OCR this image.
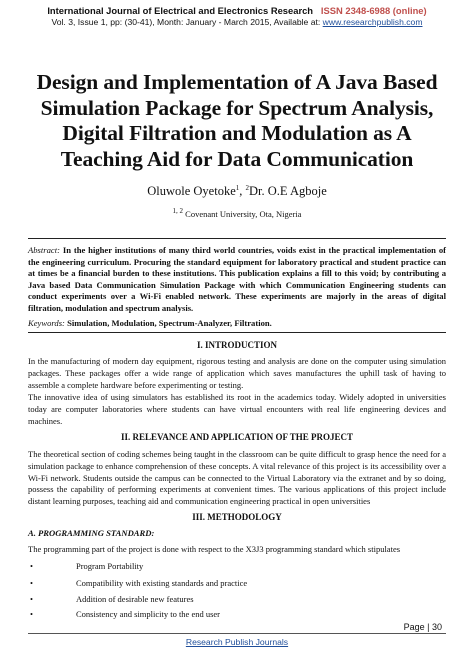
International Journal of Electrical and Electronics Research ISSN 2348-6988 (online)
Vol. 3, Issue 1, pp: (30-41), Month: January - March 2015, Available at: www.researchpublish.com
Design and Implementation of A Java Based Simulation Package for Spectrum Analysis, Digital Filtration and Modulation as A Teaching Aid for Data Communication
Oluwole Oyetoke$^1$, $^2$Dr. O.E Agboje
$^{1, 2}$ Covenant University, Ota, Nigeria
Abstract: In the higher institutions of many third world countries, voids exist in the practical implementation of the engineering curriculum. Procuring the standard equipment for laboratory practical and student practice can at times be a financial burden to these institutions. This publication explains a fill to this void; by contributing a Java based Data Communication Simulation Package with which Communication Engineering students can conduct experiments over a Wi-Fi enabled network. These experiments are majorly in the areas of digital filtration, modulation and spectrum analysis.
Keywords: Simulation, Modulation, Spectrum-Analyzer, Filtration.
I. INTRODUCTION
In the manufacturing of modern day equipment, rigorous testing and analysis are done on the computer using simulation packages. These packages offer a wide range of application which saves manufactures the uphill task of having to assemble a complete hardware before experimenting or testing.
The innovative idea of using simulators has established its root in the academics today. Widely adopted in universities today are computer laboratories where students can have virtual encounters with real life engineering devices and machines.
II. RELEVANCE AND APPLICATION OF THE PROJECT
The theoretical section of coding schemes being taught in the classroom can be quite difficult to grasp hence the need for a simulation package to enhance comprehension of these concepts. A vital relevance of this project is its accessibility over a Wi-Fi network. Students outside the campus can be connected to the Virtual Laboratory via the extranet and by so doing, possess the capability of performing experiments at convenient times. The various applications of this project include distant learning purposes, teaching aid and communication engineering practical in open universities
III. METHODOLOGY
A. PROGRAMMING STANDARD:
The programming part of the project is done with respect to the X3J3 programming standard which stipulates
•	Program Portability
•	Compatibility with existing standards and practice
•	Addition of desirable new features
•	Consistency and simplicity to the end user
Page | 30
Research Publish Journals
